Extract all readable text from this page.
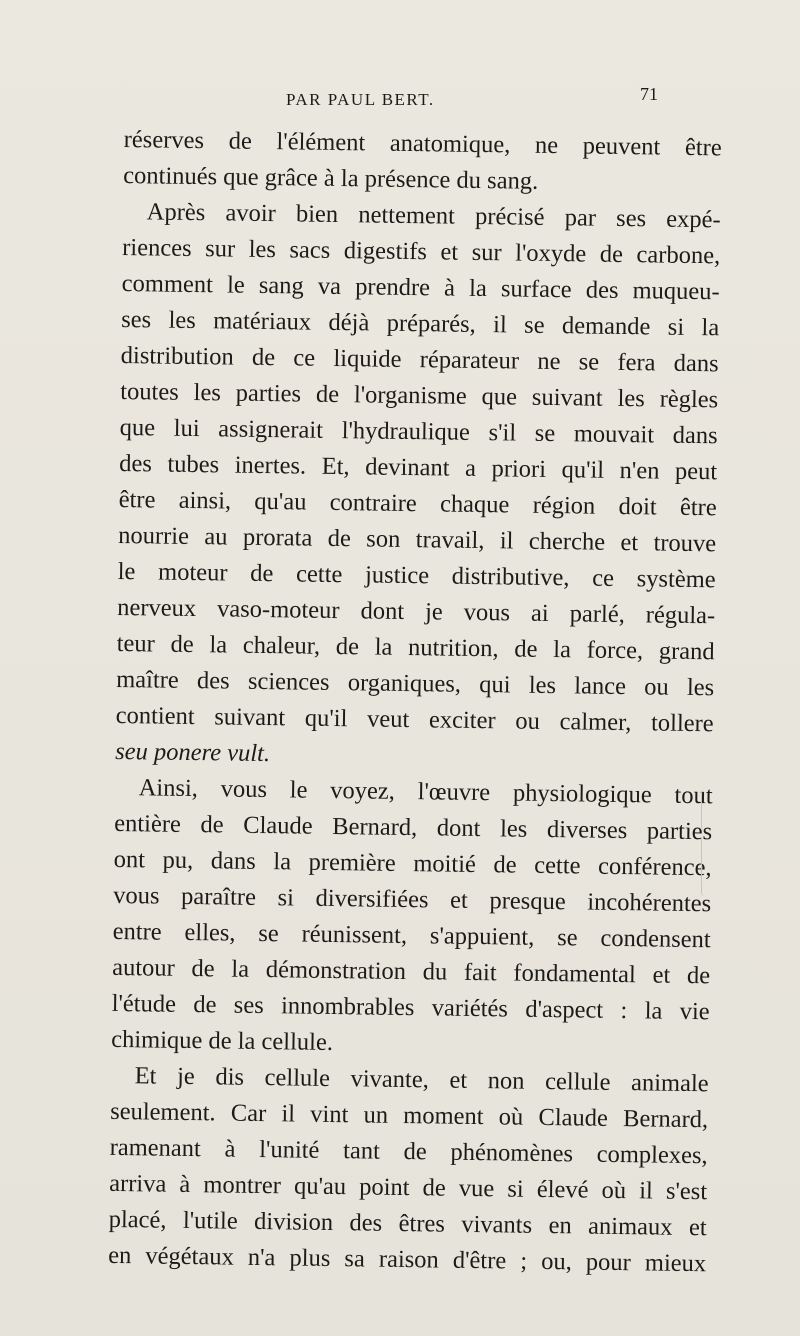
PAR PAUL BERT.	71
réserves de l'élément anatomique, ne peuvent être
continués que grâce à la présence du sang.
Après avoir bien nettement précisé par ses expé-
riences sur les sacs digestifs et sur l'oxyde de carbone,
comment le sang va prendre à la surface des muqueu-
ses les matériaux déjà préparés, il se demande si la
distribution de ce liquide réparateur ne se fera dans
toutes les parties de l'organisme que suivant les règles
que lui assignerait l'hydraulique s'il se mouvait dans
des tubes inertes. Et, devinant a priori qu'il n'en peut
être ainsi, qu'au contraire chaque région doit être
nourrie au prorata de son travail, il cherche et trouve
le moteur de cette justice distributive, ce système
nerveux vaso-moteur dont je vous ai parlé, régula-
teur de la chaleur, de la nutrition, de la force, grand
maître des sciences organiques, qui les lance ou les
contient suivant qu'il veut exciter ou calmer, tollere
seu ponere vult.
Ainsi, vous le voyez, l'œuvre physiologique tout
entière de Claude Bernard, dont les diverses parties
ont pu, dans la première moitié de cette conférence,
vous paraître si diversifiées et presque incohérentes
entre elles, se réunissent, s'appuient, se condensent
autour de la démonstration du fait fondamental et de
l'étude de ses innombrables variétés d'aspect : la vie
chimique de la cellule.
Et je dis cellule vivante, et non cellule animale
seulement. Car il vint un moment où Claude Bernard,
ramenant à l'unité tant de phénomènes complexes,
arriva à montrer qu'au point de vue si élevé où il s'est
placé, l'utile division des êtres vivants en animaux et
en végétaux n'a plus sa raison d'être ; ou, pour mieux
